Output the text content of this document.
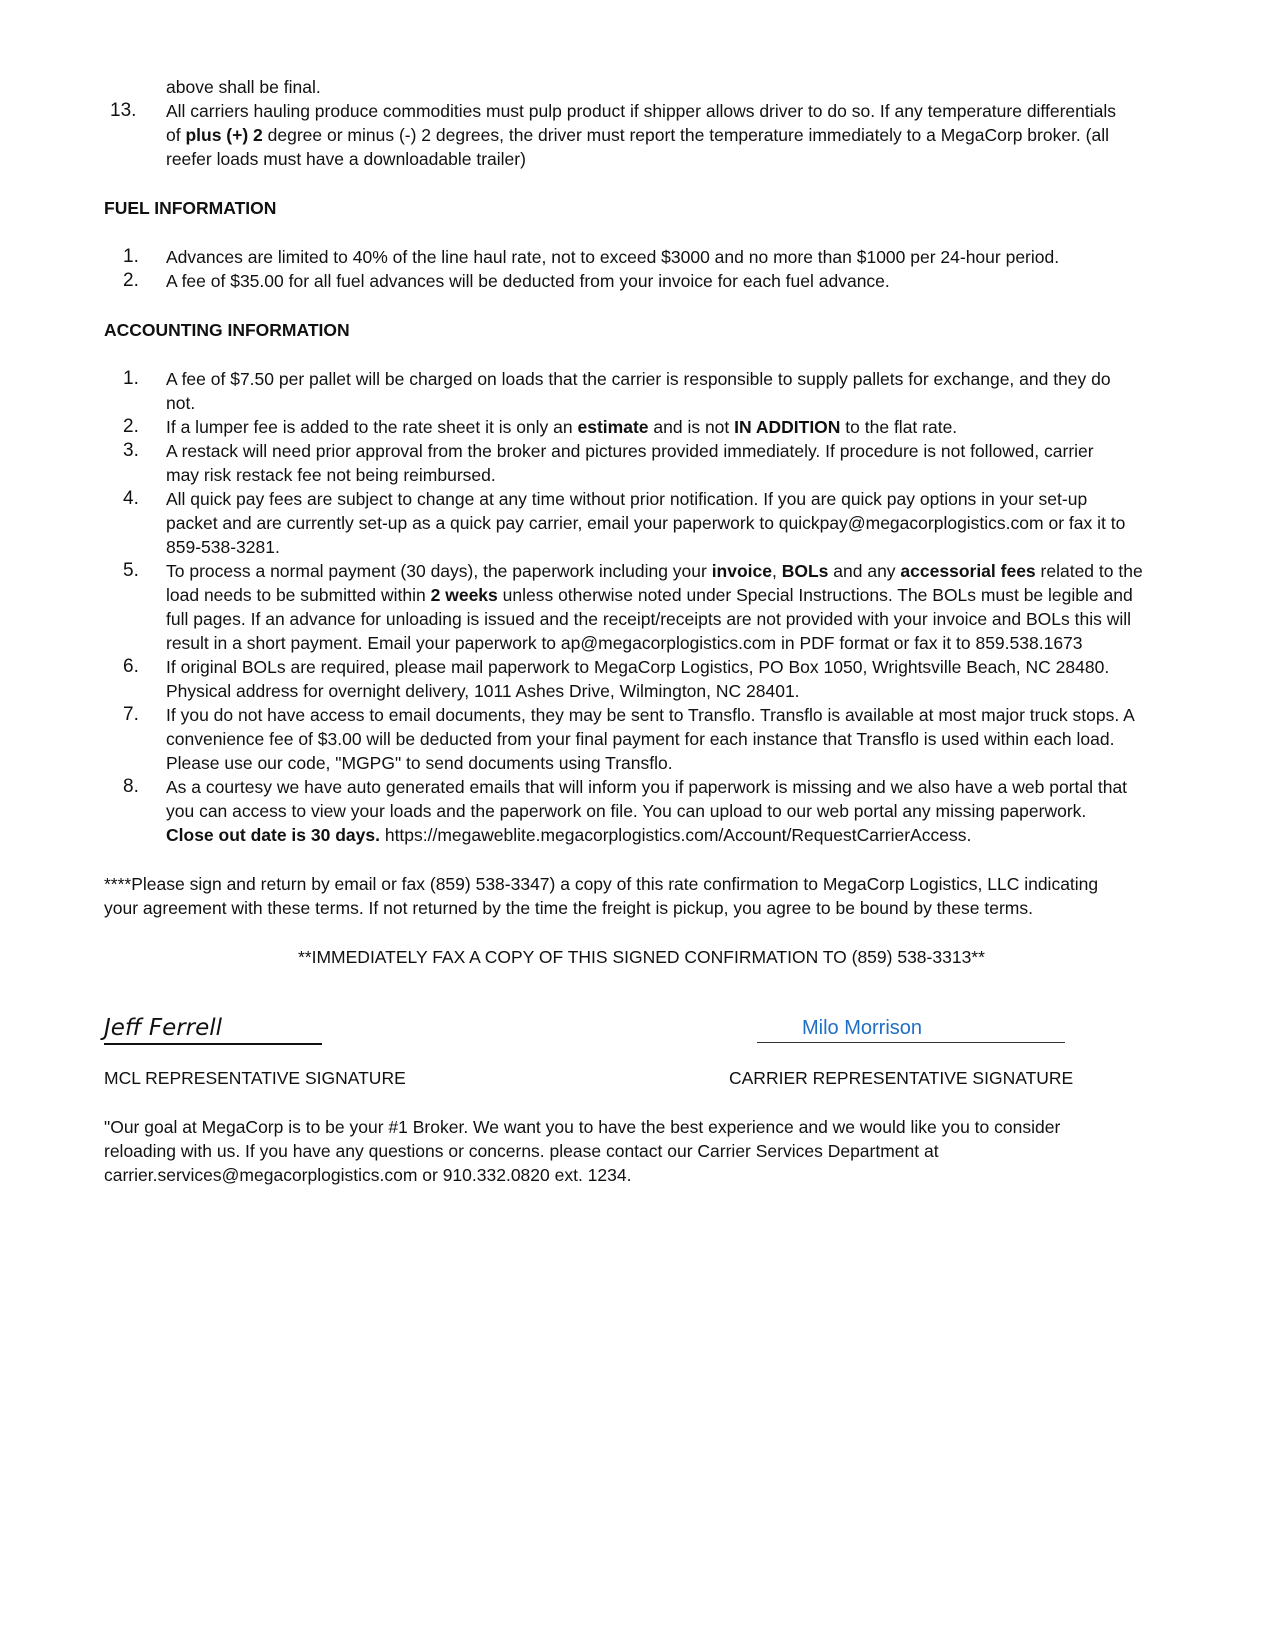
above shall be final.
13. All carriers hauling produce commodities must pulp product if shipper allows driver to do so. If any temperature differentials
of plus (+) 2 degree or minus (-) 2 degrees, the driver must report the temperature immediately to a MegaCorp broker. (all
reefer loads must have a downloadable trailer)
FUEL INFORMATION
1. Advances are limited to 40% of the line haul rate, not to exceed $3000 and no more than $1000 per 24-hour period.
2. A fee of $35.00 for all fuel advances will be deducted from your invoice for each fuel advance.
ACCOUNTING INFORMATION
1. A fee of $7.50 per pallet will be charged on loads that the carrier is responsible to supply pallets for exchange, and they do
not.
2. If a lumper fee is added to the rate sheet it is only an estimate and is not IN ADDITION to the flat rate.
3. A restack will need prior approval from the broker and pictures provided immediately. If procedure is not followed, carrier
may risk restack fee not being reimbursed.
4. All quick pay fees are subject to change at any time without prior notification. If you are quick pay options in your set-up
packet and are currently set-up as a quick pay carrier, email your paperwork to quickpay@megacorplogistics.com or fax it to
859-538-3281.
5. To process a normal payment (30 days), the paperwork including your invoice, BOLs and any accessorial fees related to the
load needs to be submitted within 2 weeks unless otherwise noted under Special Instructions. The BOLs must be legible and
full pages. If an advance for unloading is issued and the receipt/receipts are not provided with your invoice and BOLs this will
result in a short payment. Email your paperwork to ap@megacorplogistics.com in PDF format or fax it to 859.538.1673
6. If original BOLs are required, please mail paperwork to MegaCorp Logistics, PO Box 1050, Wrightsville Beach, NC 28480.
Physical address for overnight delivery, 1011 Ashes Drive, Wilmington, NC 28401.
7. If you do not have access to email documents, they may be sent to Transflo. Transflo is available at most major truck stops. A
convenience fee of $3.00 will be deducted from your final payment for each instance that Transflo is used within each load.
Please use our code, "MGPG" to send documents using Transflo.
8. As a courtesy we have auto generated emails that will inform you if paperwork is missing and we also have a web portal that
you can access to view your loads and the paperwork on file. You can upload to our web portal any missing paperwork.
Close out date is 30 days. https://megaweblite.megacorplogistics.com/Account/RequestCarrierAccess.
****Please sign and return by email or fax (859) 538-3347) a copy of this rate confirmation to MegaCorp Logistics, LLC indicating
your agreement with these terms. If not returned by the time the freight is pickup, you agree to be bound by these terms.
**IMMEDIATELY FAX A COPY OF THIS SIGNED CONFIRMATION TO (859) 538-3313**
Jeff Ferrell	Milo Morrison
MCL REPRESENTATIVE SIGNATURE	CARRIER REPRESENTATIVE SIGNATURE
"Our goal at MegaCorp is to be your #1 Broker. We want you to have the best experience and we would like you to consider
reloading with us. If you have any questions or concerns. please contact our Carrier Services Department at
carrier.services@megacorplogistics.com or 910.332.0820 ext. 1234.
